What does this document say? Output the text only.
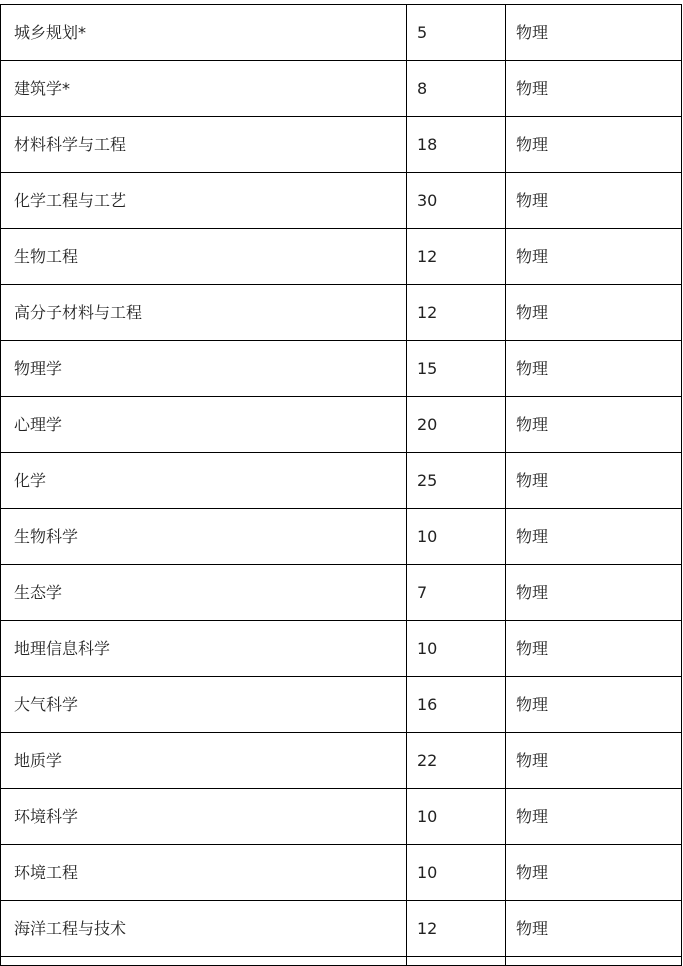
城乡规划*	5	物理
建筑学*	8	物理
材料科学与工程	18	物理
化学工程与工艺	30	物理
生物工程	12	物理
高分子材料与工程	12	物理
物理学	15	物理
心理学	20	物理
化学	25	物理
生物科学	10	物理
生态学	7	物理
地理信息科学	10	物理
大气科学	16	物理
地质学	22	物理
环境科学	10	物理
环境工程	10	物理
海洋工程与技术	12	物理
